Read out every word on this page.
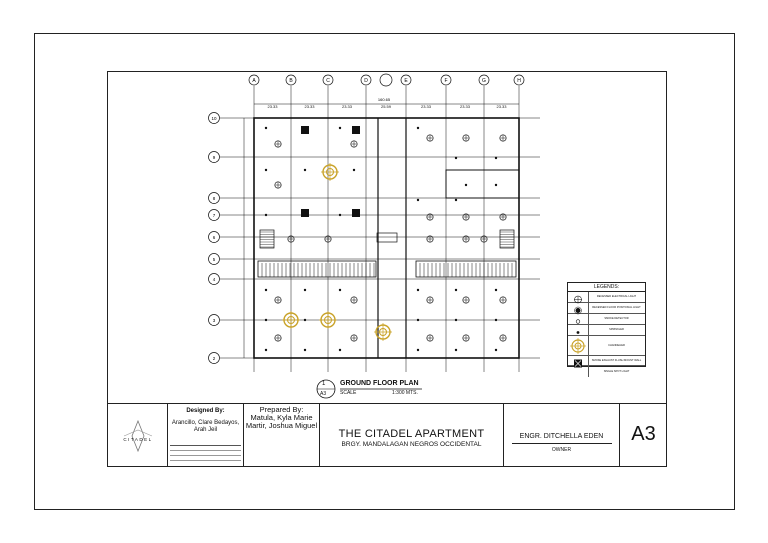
A	B	C	D	E	F	G	H
10
9
8
7
6
5
4
3
2
23.33	23.33	23.33	25.59	23.33	23.33	23.33
160.65
GROUND FLOOR PLAN
SCALE	1:300 MTS.
1
A3
LEGENDS:
RECESSED ELECTRICAL LIGHT
RECESSED FLOOR POSITIONAL LIGHT
SMOKE DETECTOR
SPRINKLER
CHANDELIER
SMOKE EXHAUST FLUSH MOUNT WALL
SINGLE SPOT LIGHT
CITADEL
Designed By:
Arancillo, Clare Bedayos, Arah Jeil
Prepared By:
Matula, Kyla Marie Martir, Joshua Miguel
THE CITADEL APARTMENT
BRGY. MANDALAGAN NEGROS OCCIDENTAL
ENGR. DITCHELLA EDEN
OWNER
A3
